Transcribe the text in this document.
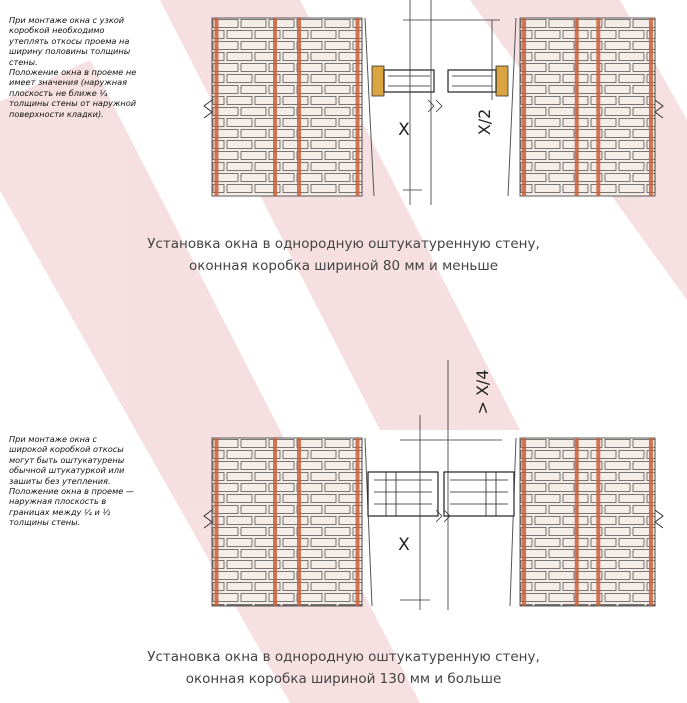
При монтаже окна с узкой
коробкой необходимо
утеплять откосы проема на
ширину половины толщины
стены.
Положение окна в проеме не
имеет значения (наружная
плоскость не ближе ¼
толщины стены от наружной
поверхности кладки).
X	X/2
Установка окна в однородную оштукатуренную стену,
оконная коробка шириной 80 мм и меньше
При монтаже окна с
широкой коробкой откосы
могут быть оштукатурены
обычной штукатуркой или
зашиты без утепления.
Положение окна в проеме —
наружная плоскость в
границах между ¼ и ½
толщины стены.
X
> X/4
Установка окна в однородную оштукатуренную стену,
оконная коробка шириной 130 мм и больше
